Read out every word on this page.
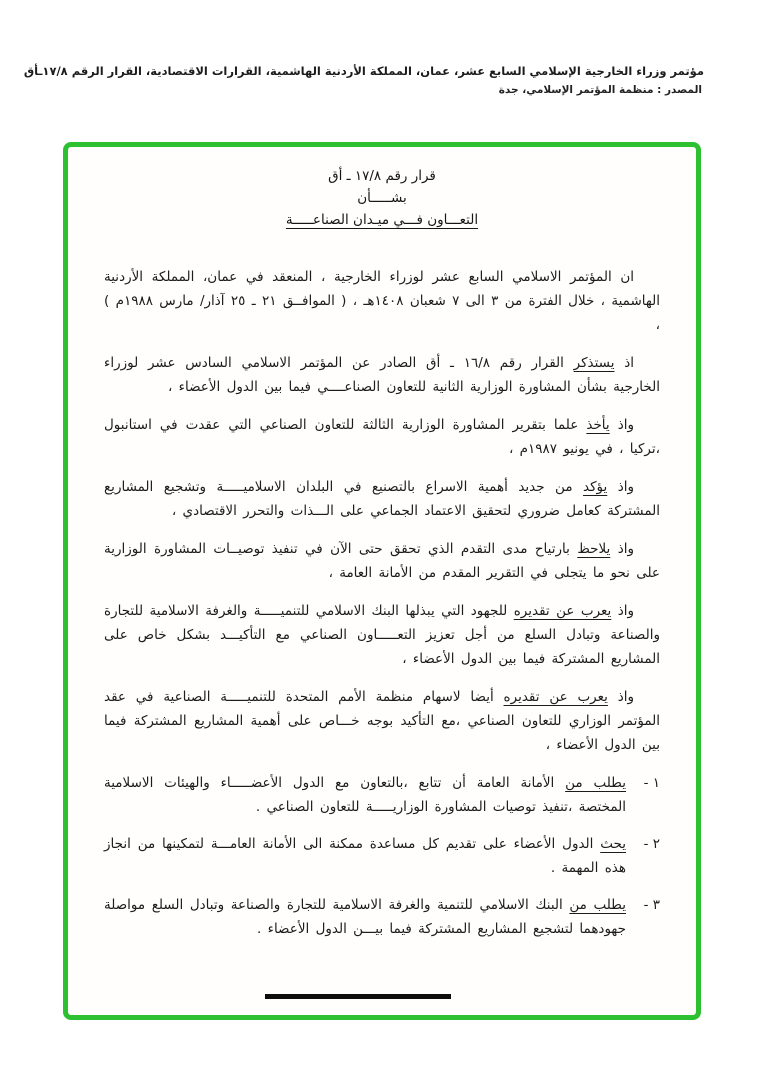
مؤتمر وزراء الخارجية الإسلامي السابع عشر، عمان، المملكة الأردنية الهاشمية، القرارات الاقتصادية، القرار الرقم ١٧/٨ـأق
المصدر : منظمة المؤتمر الإسلامي، جدة
قرار رقم ١٧/٨ ـ أق
بشـــــأن
التعـــاون فـــي ميـدان الصناعـــــة

ان المؤتمر الاسلامي السابع عشر لوزراء الخارجية ، المنعقد في عمان، المملكة الأردنية الهاشمية ، خلال الفترة من ٣ الى ٧ شعبان ١٤٠٨هـ ، ( الموافــق ٢١ ـ ٢٥ آذار/ مارس ١٩٨٨م ) ،

اذ يستذكر القرار رقم ١٦/٨ ـ أق الصادر عن المؤتمر الاسلامي السادس عشر لوزراء الخارجية بشأن المشاورة الوزارية الثانية للتعاون الصناعــــي فيما بين الدول الأعضاء ،

واذ يأخذ علما بتقرير المشاورة الوزارية الثالثة للتعاون الصناعي التي عقدت في استانبول ،تركيا ، في يونيو ١٩٨٧م ،

واذ يؤكد من جديد أهمية الاسراع بالتصنيع في البلدان الاسلاميـــــة وتشجيع المشاريع المشتركة كعامل ضروري لتحقيق الاعتماد الجماعي على الـــذات والتحرر الاقتصادي ،

واذ يلاحظ بارتياح مدى التقدم الذي تحقق حتى الآن في تنفيذ توصيــات المشاورة الوزارية على نحو ما يتجلى في التقرير المقدم من الأمانة العامة ،

واذ يعرب عن تقديره للجهود التي يبذلها البنك الاسلامي للتنميـــــة والغرفة الاسلامية للتجارة والصناعة وتبادل السلع من أجل تعزيز التعـــــاون الصناعي مع التأكيـــد بشكل خاص على المشاريع المشتركة فيما بين الدول الأعضاء ،

واذ يعرب عن تقديره أيضا لاسهام منظمة الأمم المتحدة للتنميـــــة الصناعية في عقد المؤتمر الوزاري للتعاون الصناعي ،مع التأكيد بوجه خـــاص على أهمية المشاريع المشتركة فيما بين الدول الأعضاء ،

١ -

يطلب من الأمانة العامة أن تتابع ،بالتعاون مع الدول الأعضـــــاء والهيئات الاسلامية المختصة ،تنفيذ توصيات المشاورة الوزاريـــــة للتعاون الصناعي .

٢ -

يحث الدول الأعضاء على تقديم كل مساعدة ممكنة الى الأمانة العامـــة لتمكينها من انجاز هذه المهمة .

٣ -

يطلب من البنك الاسلامي للتنمية والغرفة الاسلامية للتجارة والصناعة وتبادل السلع مواصلة جهودهما لتشجيع المشاريع المشتركة فيما بيـــن الدول الأعضاء .
